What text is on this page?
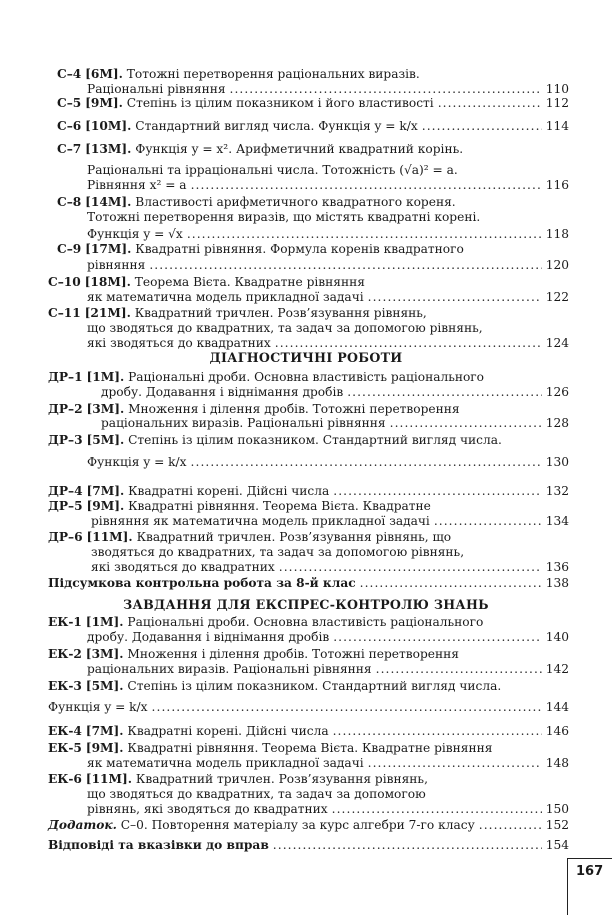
С–4 [6М]. Тотожні перетворення раціональних виразів.
Раціональні рівняння . . .	110
С–5 [9М]. Степінь із цілим показником і його властивості . . .	112
С–6 [10М]. Стандартний вигляд числа. Функція y = k/x . . .	114
С–7 [13М]. Функція y = x². Арифметичний квадратний корінь.
Раціональні та ірраціональні числа. Тотожність (√a)² = a.
Рівняння x² = a . . .	116
С–8 [14М]. Властивості арифметичного квадратного кореня.
Тотожні перетворення виразів, що містять квадратні корені.
Функція y = √x . . .	118
С–9 [17М]. Квадратні рівняння. Формула коренів квадратного
рівняння . . .	120
С–10 [18М]. Теорема Вієта. Квадратне рівняння
як математична модель прикладної задачі . . .	122
С–11 [21М]. Квадратний тричлен. Розв’язування рівнянь,
що зводяться до квадратних, та задач за допомогою рівнянь,
які зводяться до квадратних . . .	124
ДІАГНОСТИЧНІ РОБОТИ
ДР–1 [1М]. Раціональні дроби. Основна властивість раціонального
дробу. Додавання і віднімання дробів . . .	126
ДР–2 [3М]. Множення і ділення дробів. Тотожні перетворення
раціональних виразів. Раціональні рівняння . . .	128
ДР–3 [5М]. Степінь із цілим показником. Стандартний вигляд числа.
Функція y = k/x . . .	130
ДР–4 [7М]. Квадратні корені. Дійсні числа . . .	132
ДР–5 [9М]. Квадратні рівняння. Теорема Вієта. Квадратне
рівняння як математична модель прикладної задачі . . .	134
ДР–6 [11М]. Квадратний тричлен. Розв’язування рівнянь, що
зводяться до квадратних, та задач за допомогою рівнянь,
які зводяться до квадратних . . .	136
Підсумкова контрольна робота за 8-й клас . . .	138
ЗАВДАННЯ ДЛЯ ЕКСПРЕС-КОНТРОЛЮ ЗНАНЬ
ЕК-1 [1М]. Раціональні дроби. Основна властивість раціонального
дробу. Додавання і віднімання дробів . . .	140
ЕК-2 [3М]. Множення і ділення дробів. Тотожні перетворення
раціональних виразів. Раціональні рівняння . . .	142
ЕК-3 [5М]. Степінь із цілим показником. Стандартний вигляд числа.
Функція y = k/x . . .	144
ЕК-4 [7М]. Квадратні корені. Дійсні числа . . .	146
ЕК-5 [9М]. Квадратні рівняння. Теорема Вієта. Квадратне рівняння
як математична модель прикладної задачі . . .	148
ЕК-6 [11М]. Квадратний тричлен. Розв’язування рівнянь,
що зводяться до квадратних, та задач за допомогою
рівнянь, які зводяться до квадратних . . .	150
Додаток. С–0. Повторення матеріалу за курс алгебри 7-го класу . . .	152
Відповіді та вказівки до вправ . . .	154
167
